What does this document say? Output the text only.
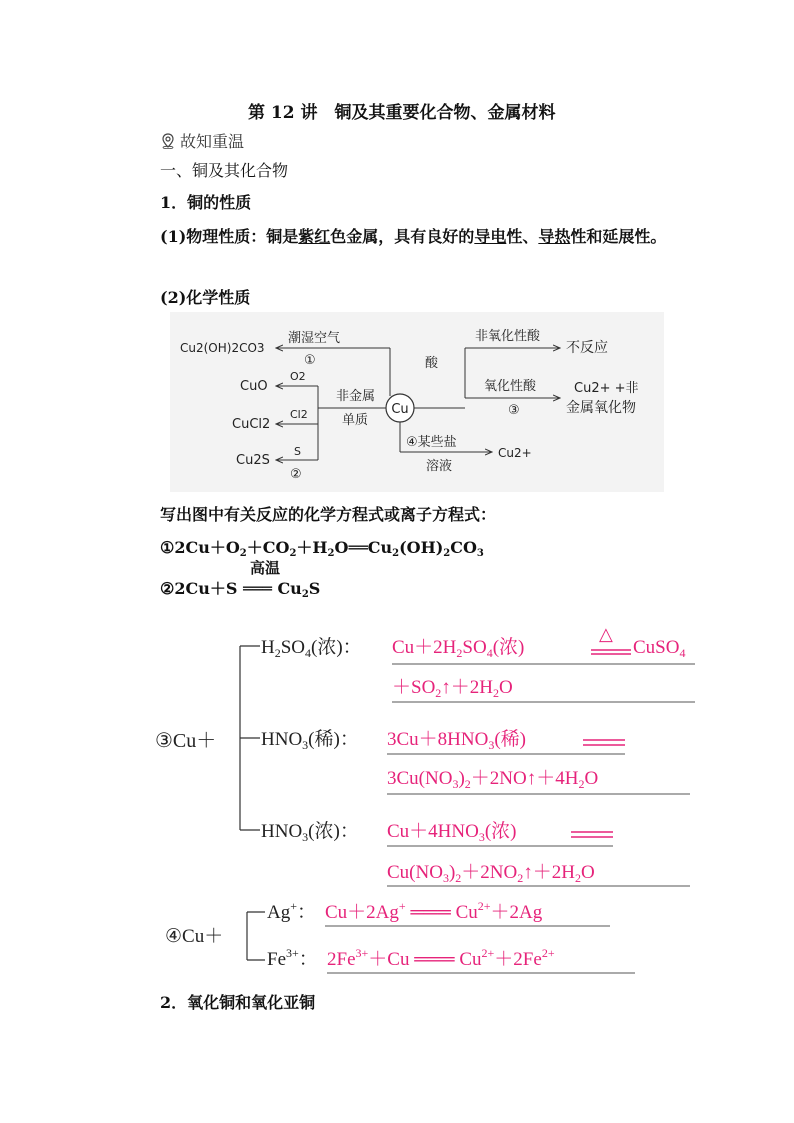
第 12 讲　铜及其重要化合物、金属材料
故知重温
一、铜及其化合物
1．铜的性质
(1)物理性质：铜是紫红色金属，具有良好的导电性、导热性和延展性。
(2)化学性质
Cu
Cu2(OH)2CO3
潮湿空气
①
非金属
单质
O2
CuO
Cl2
CuCl2
S
Cu2S
②
酸
非氧化性酸
不反应
氧化性酸
③
Cu2+ +非
金属氧化物
④某些盐
溶液
Cu2+
写出图中有关反应的化学方程式或离子方程式：
$①2Cu+O_2+CO_2+H_2O══Cu_2(OH)_2CO_3$
高温
②2Cu＋S ═══ $Cu_2S$
③Cu＋
$H_2SO_4$(浓)： $Cu+2H_2SO_4$(浓)
△
CuSO$_4$
$+SO_2↑+2H_2O$
$HNO_3$(稀)： $3Cu+8HNO_3$(稀)
$3Cu(NO_3)_2+2NO↑+4H_2O$
$HNO_3$(浓)： $Cu+4HNO_3$(浓)
$Cu(NO_3)_2+2NO_2↑+2H_2O$
④Cu＋
Ag+： Cu＋2Ag+ ═══ $Cu^{2+}+2Ag$
$Fe^{3+}$： $2Fe^{3+}+Cu$ ═══ $Cu^{2+}+2Fe^{2+}$
2．氧化铜和氧化亚铜
